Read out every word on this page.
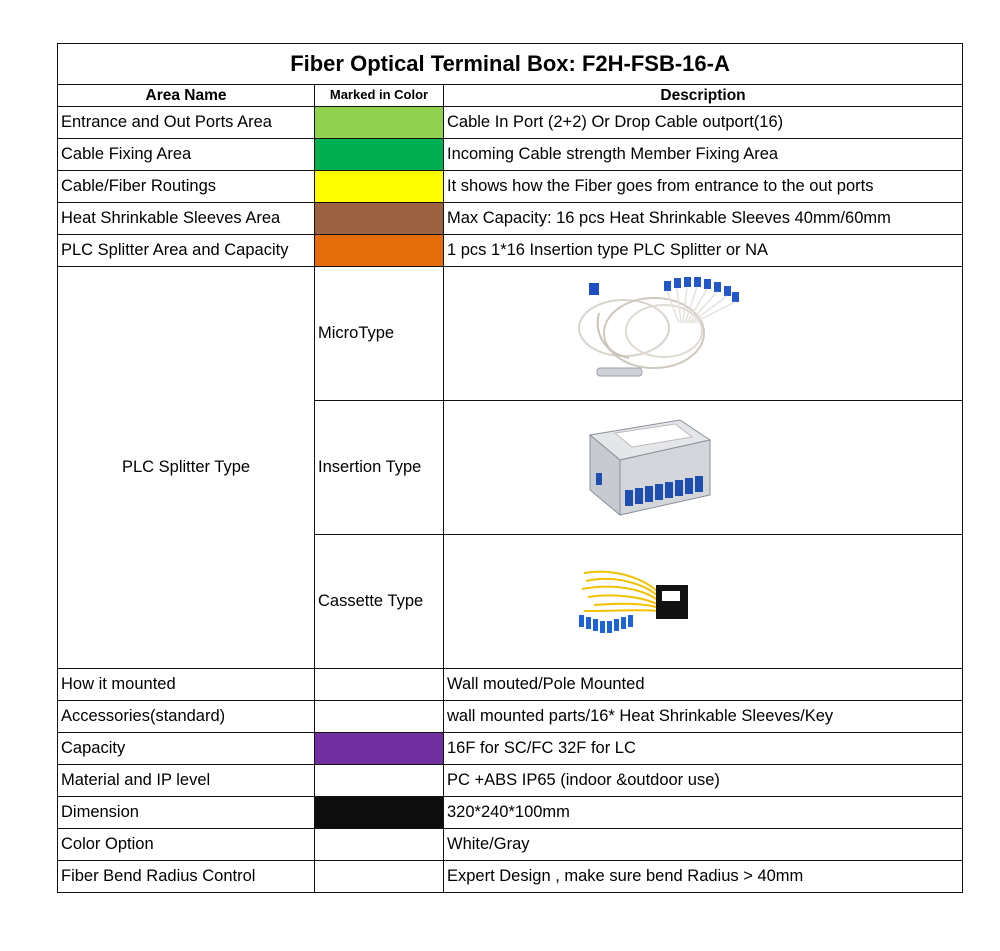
Fiber Optical Terminal Box: F2H-FSB-16-A		
Area Name	Marked in Color	Description
Entrance and Out Ports Area		Cable In Port (2+2) Or Drop Cable outport(16)
Cable Fixing Area		Incoming Cable strength Member Fixing Area
Cable/Fiber Routings		It shows how the Fiber goes from entrance to the out ports
Heat Shrinkable Sleeves Area		Max Capacity: 16 pcs Heat Shrinkable Sleeves 40mm/60mm
PLC Splitter Area and Capacity		1 pcs 1*16 Insertion type PLC Splitter or NA
PLC Splitter Type	MicroType	

	Insertion Type	

	Cassette Type	

How it mounted		Wall mouted/Pole Mounted
Accessories(standard)		wall mounted parts/16* Heat Shrinkable Sleeves/Key
Capacity		16F for SC/FC 32F for LC
Material and IP level		PC +ABS IP65 (indoor &outdoor use)
Dimension		320*240*100mm
Color Option		White/Gray
Fiber Bend Radius Control		Expert Design , make sure bend Radius > 40mm
